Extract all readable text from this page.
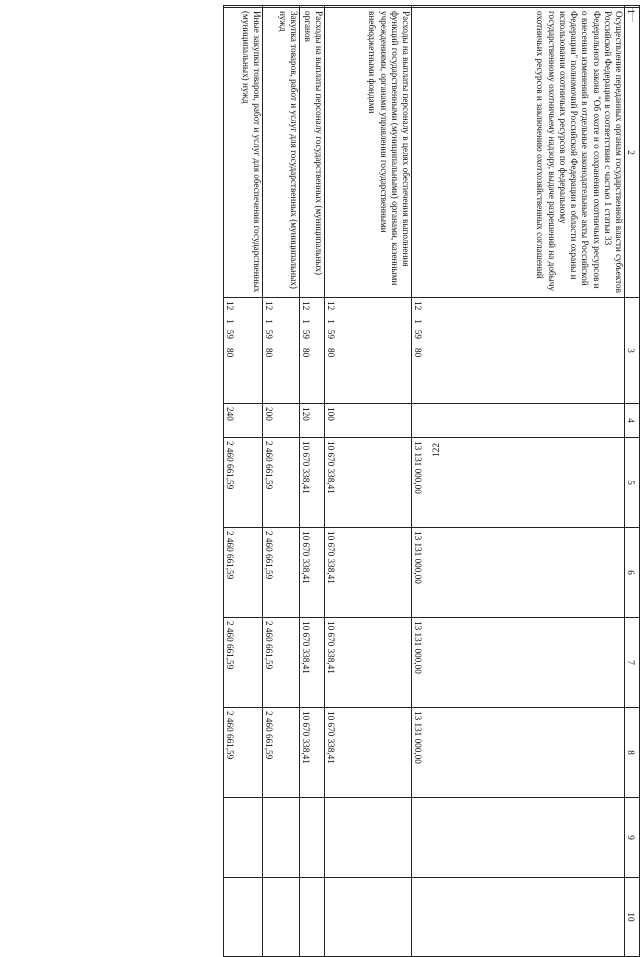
122
1	2	3	4	5	6	7	8	9	10
	Осуществление переданных органам государственной власти субъектов Российской Федерации в соответствии с частью 1 статьи 33 Федерального закона "Об охоте и о сохранении охотничьих ресурсов и о внесении изменений в отдельные законодательные акты Российской Федерации" полномочий Российской Федерации в области охраны и использования охотничьих ресурсов по федеральному государственному охотничьему надзору, выдаче разрешений на добычу охотничьих ресурсов и заключению охотхозяйственных соглашений	1215980		13 131 000,00	13 131 000,00	13 131 000,00	13 131 000,00		
	Расходы на выплаты персоналу в целях обеспечения выполнения функций государственными (муниципальными) органами, казенными учреждениями, органами управления государственными внебюджетными фондами	1215980	100	10 670 338,41	10 670 338,41	10 670 338,41	10 670 338,41		
	Расходы на выплаты персоналу государственных (муниципальных) органов	1215980	120	10 670 338,41	10 670 338,41	10 670 338,41	10 670 338,41		
	Закупка товаров, работ и услуг для государственных (муниципальных) нужд	1215980	200	2 460 661,59	2 460 661,59	2 460 661,59	2 460 661,59		
	Иные закупки товаров, работ и услуг для обеспечения государственных (муниципальных) нужд	1215980	240	2 460 661,59	2 460 661,59	2 460 661,59	2 460 661,59		
